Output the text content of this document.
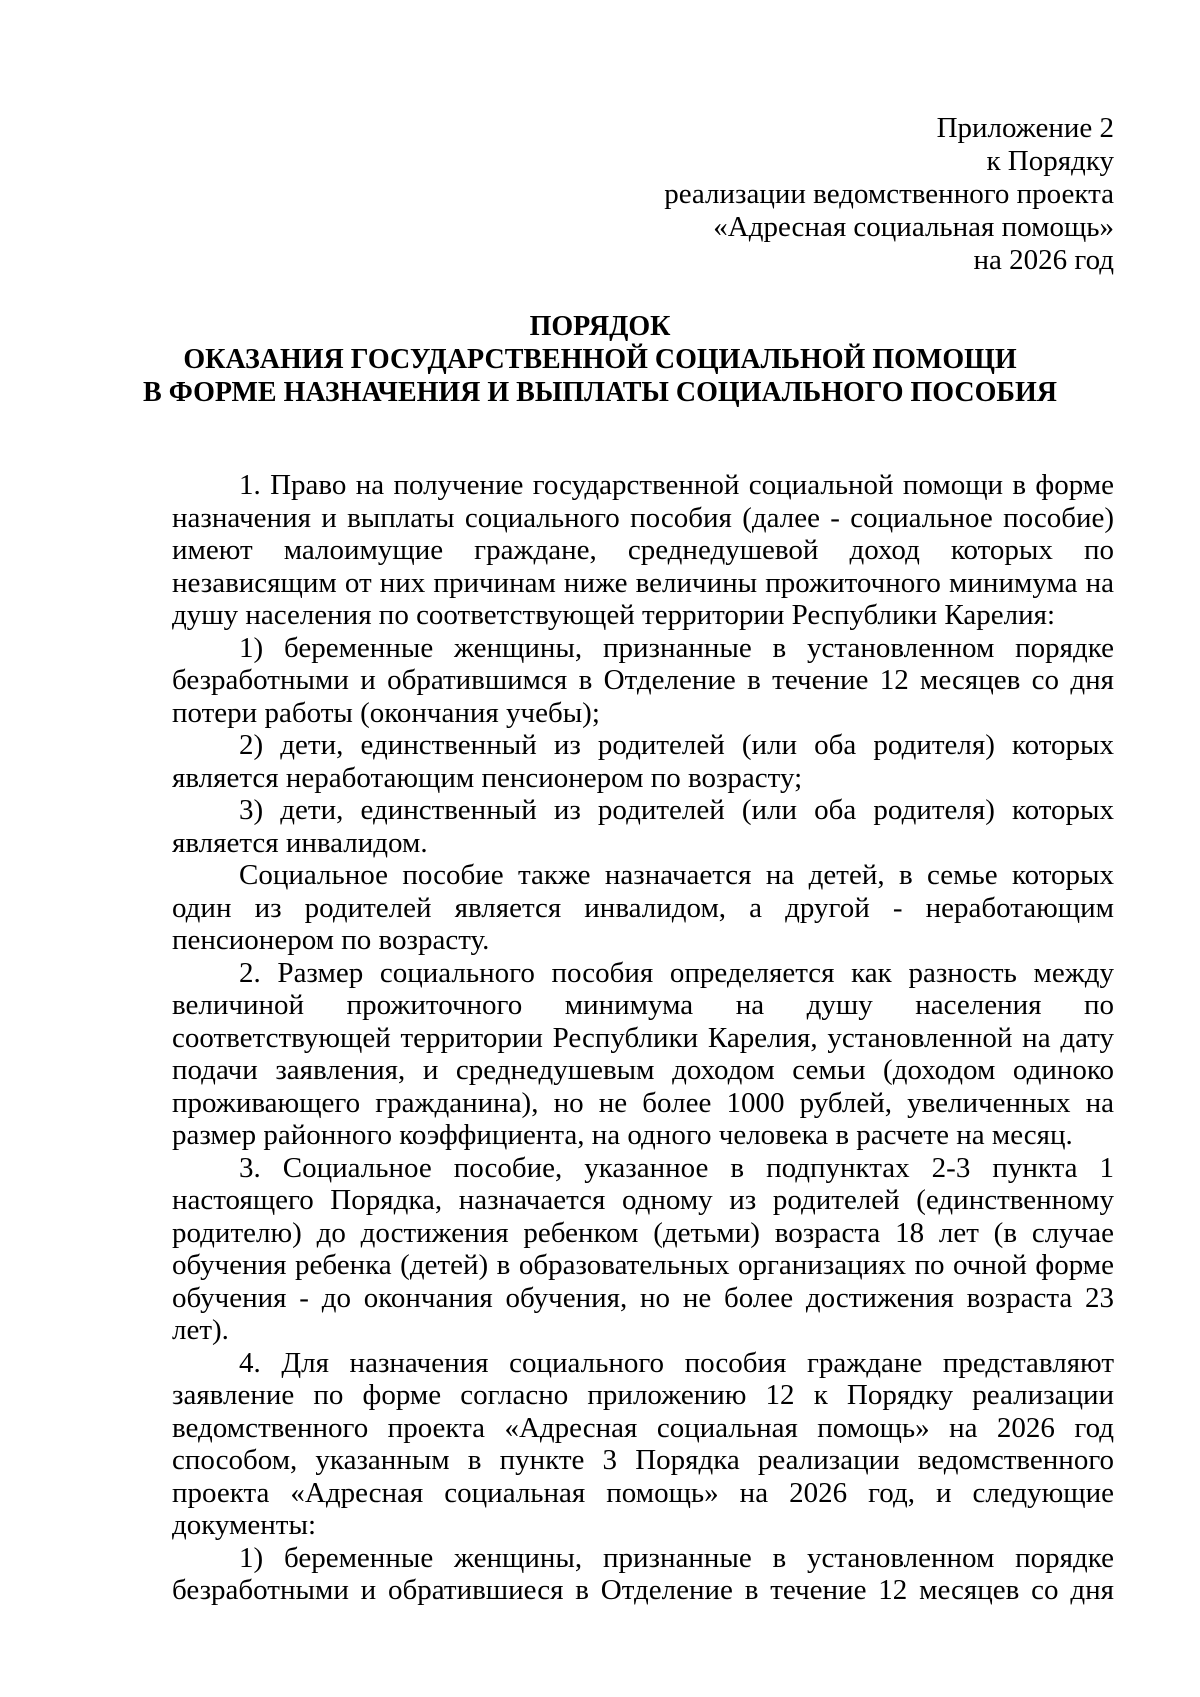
Приложение 2
к Порядку
реализации ведомственного проекта
«Адресная социальная помощь»
на 2026 год
ПОРЯДОК
ОКАЗАНИЯ ГОСУДАРСТВЕННОЙ СОЦИАЛЬНОЙ ПОМОЩИ
В ФОРМЕ НАЗНАЧЕНИЯ И ВЫПЛАТЫ СОЦИАЛЬНОГО ПОСОБИЯ

1. Право на получение государственной социальной помощи в форме назначения и выплаты социального пособия (далее - социальное пособие) имеют малоимущие граждане, среднедушевой доход которых по независящим от них причинам ниже величины прожиточного минимума на душу населения по соответствующей территории Республики Карелия:

1) беременные женщины, признанные в установленном порядке безработными и обратившимся в Отделение в течение 12 месяцев со дня потери работы (окончания учебы);

2) дети, единственный из родителей (или оба родителя) которых является неработающим пенсионером по возрасту;

3) дети, единственный из родителей (или оба родителя) которых является инвалидом.

Социальное пособие также назначается на детей, в семье которых один из родителей является инвалидом, а другой - неработающим пенсионером по возрасту.

2. Размер социального пособия определяется как разность между величиной прожиточного минимума на душу населения по соответствующей территории Республики Карелия, установленной на дату подачи заявления, и среднедушевым доходом семьи (доходом одиноко проживающего гражданина), но не более 1000 рублей, увеличенных на размер районного коэффициента, на одного человека в расчете на месяц.

3. Социальное пособие, указанное в подпунктах 2-3 пункта 1 настоящего Порядка, назначается одному из родителей (единственному родителю) до достижения ребенком (детьми) возраста 18 лет (в случае обучения ребенка (детей) в образовательных организациях по очной форме обучения - до окончания обучения, но не более достижения возраста 23 лет).

4. Для назначения социального пособия граждане представляют заявление по форме согласно приложению 12 к Порядку реализации ведомственного проекта «Адресная социальная помощь» на 2026 год способом, указанным в пункте 3 Порядка реализации ведомственного проекта «Адресная социальная помощь» на 2026 год, и следующие документы:

1) беременные женщины, признанные в установленном порядке безработными и обратившиеся в Отделение в течение 12 месяцев со дня
